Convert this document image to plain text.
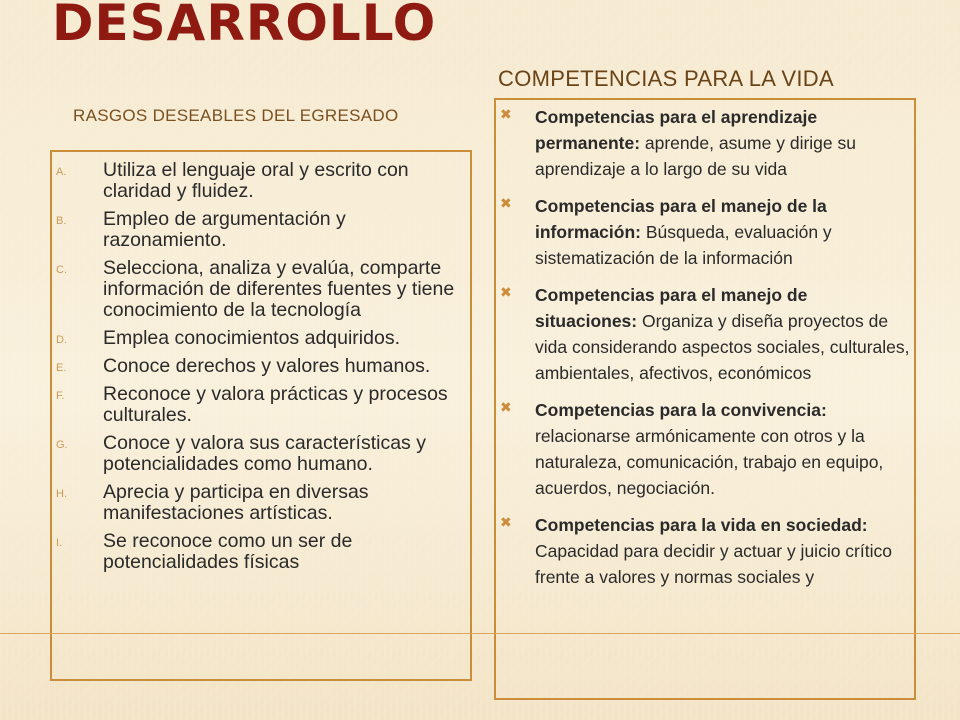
DESARROLLO
COMPETENCIAS PARA LA VIDA
RASGOS DESEABLES DEL EGRESADO
A. Utiliza el lenguaje oral y escrito con claridad y fluidez.
B. Empleo de argumentación y razonamiento.
C. Selecciona, analiza y evalúa, comparte información de diferentes fuentes y tiene conocimiento de la tecnología
D. Emplea conocimientos adquiridos.
E. Conoce derechos y valores humanos.
F. Reconoce y valora prácticas y procesos culturales.
G. Conoce y valora sus características y potencialidades como humano.
H. Aprecia y participa en diversas manifestaciones artísticas.
I. Se reconoce como un ser de potencialidades físicas
✖ Competencias para el aprendizaje permanente: aprende, asume y dirige su aprendizaje a lo largo de su vida
✖ Competencias para el manejo de la información: Búsqueda, evaluación y sistematización de la información
✖ Competencias para el manejo de situaciones: Organiza y diseña proyectos de vida considerando aspectos sociales, culturales, ambientales, afectivos, económicos
✖ Competencias para la convivencia: relacionarse armónicamente con otros y la naturaleza, comunicación, trabajo en equipo, acuerdos, negociación.
✖ Competencias para la vida en sociedad: Capacidad para decidir y actuar y juicio crítico frente a valores y normas sociales y
